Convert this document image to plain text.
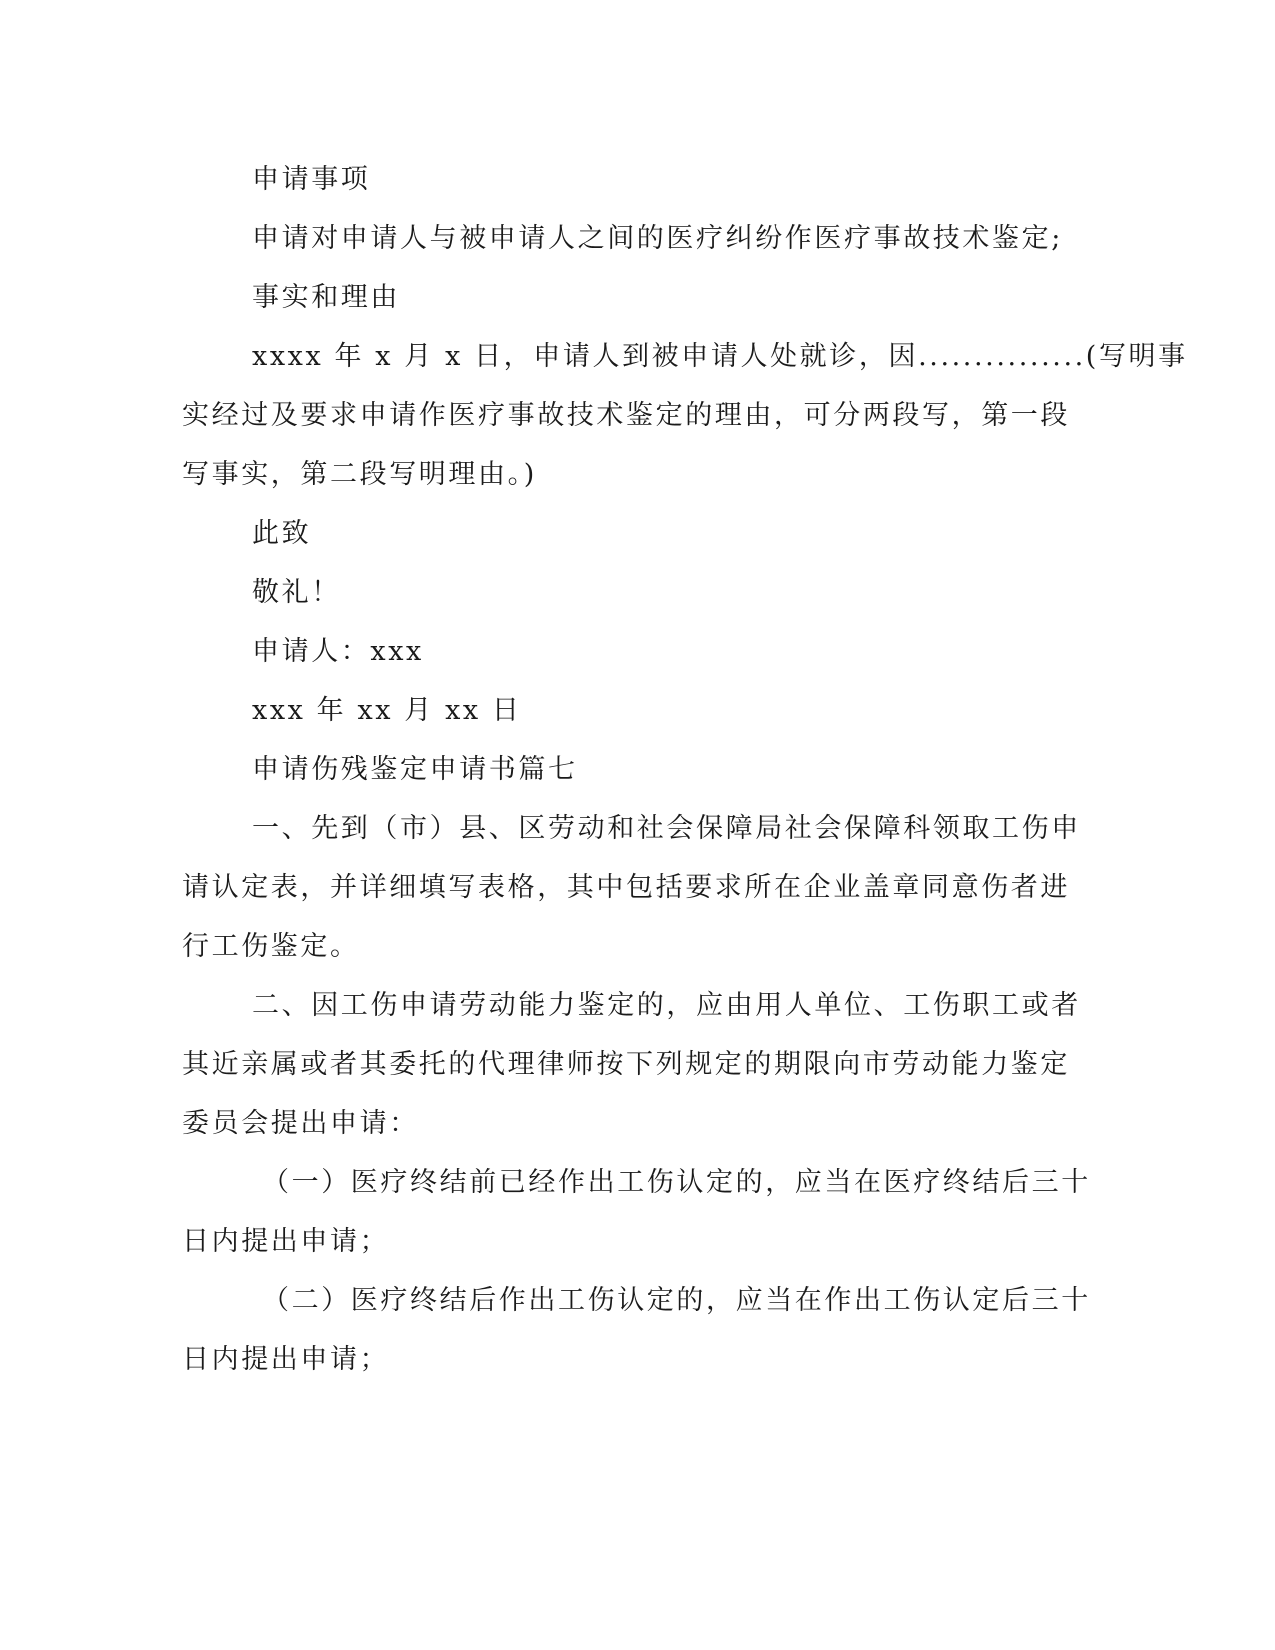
申请事项
申请对申请人与被申请人之间的医疗纠纷作医疗事故技术鉴定;
事实和理由
xxxx 年 x 月 x 日，申请人到被申请人处就诊，因...............(写明事
实经过及要求申请作医疗事故技术鉴定的理由，可分两段写，第一段
写事实，第二段写明理由。)
此致
敬礼！
申请人：xxx
xxx 年 xx 月 xx 日
申请伤残鉴定申请书篇七
一、先到（市）县、区劳动和社会保障局社会保障科领取工伤申
请认定表，并详细填写表格，其中包括要求所在企业盖章同意伤者进
行工伤鉴定。
二、因工伤申请劳动能力鉴定的，应由用人单位、工伤职工或者
其近亲属或者其委托的代理律师按下列规定的期限向市劳动能力鉴定
委员会提出申请：
（一）医疗终结前已经作出工伤认定的，应当在医疗终结后三十
日内提出申请；
（二）医疗终结后作出工伤认定的，应当在作出工伤认定后三十
日内提出申请；
